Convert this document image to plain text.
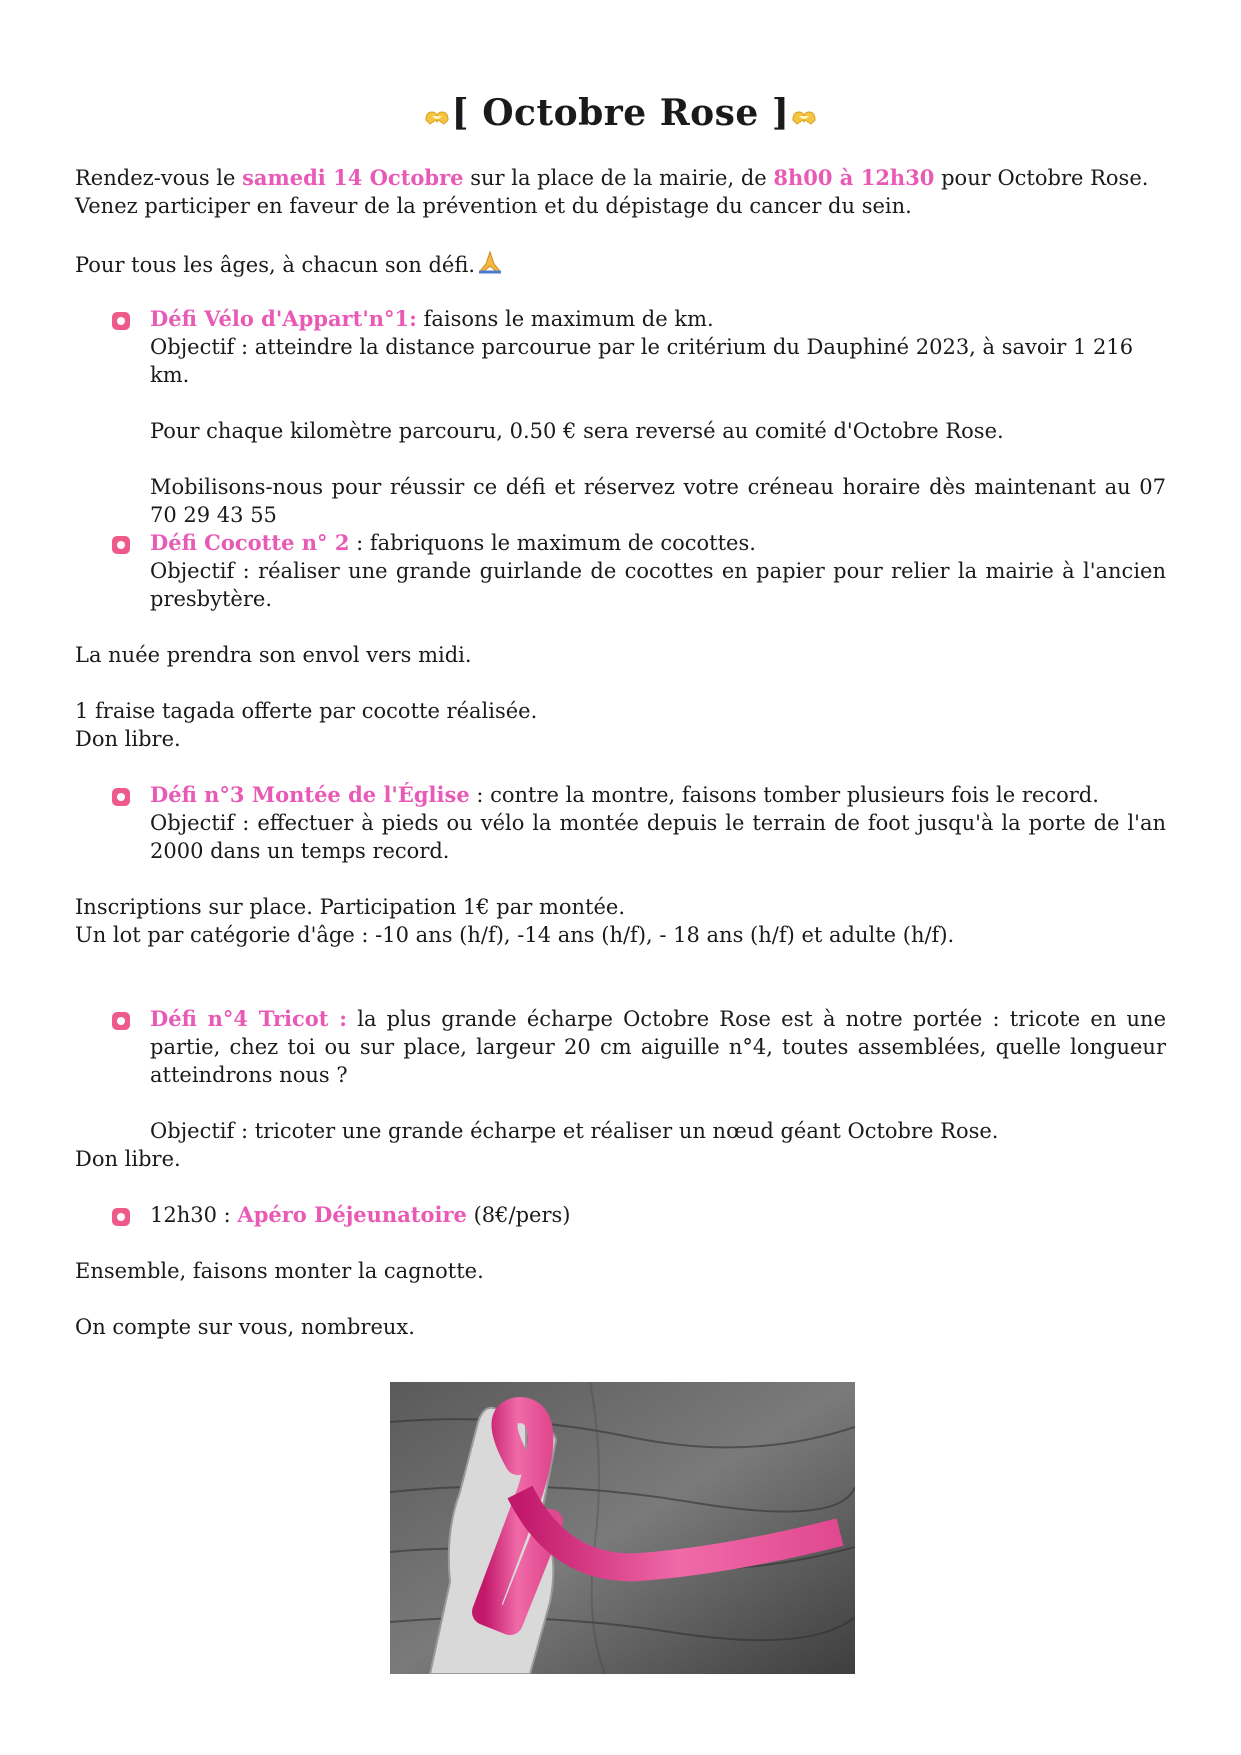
[ Octobre Rose ]
Rendez-vous le samedi 14 Octobre sur la place de la mairie, de 8h00 à 12h30 pour Octobre Rose.
Venez participer en faveur de la prévention et du dépistage du cancer du sein.
Pour tous les âges, à chacun son défi.
Défi Vélo d'Appart'n°1: faisons le maximum de km.
Objectif : atteindre la distance parcourue par le critérium du Dauphiné 2023, à savoir 1 216 km.
Pour chaque kilomètre parcouru, 0.50 € sera reversé au comité d'Octobre Rose.
Mobilisons-nous pour réussir ce défi et réservez votre créneau horaire dès maintenant au 07 70 29 43 55
Défi Cocotte n° 2 : fabriquons le maximum de cocottes.
Objectif : réaliser une grande guirlande de cocottes en papier pour relier la mairie à l'ancien presbytère.
La nuée prendra son envol vers midi.
1 fraise tagada offerte par cocotte réalisée.
Don libre.
Défi n°3 Montée de l'Église : contre la montre, faisons tomber plusieurs fois le record.
Objectif : effectuer à pieds ou vélo la montée depuis le terrain de foot jusqu'à la porte de l'an 2000 dans un temps record.
Inscriptions sur place. Participation 1€ par montée.
Un lot par catégorie d'âge : -10 ans (h/f), -14 ans (h/f), - 18 ans (h/f) et adulte (h/f).
Défi n°4 Tricot : la plus grande écharpe Octobre Rose est à notre portée : tricote en une partie, chez toi ou sur place, largeur 20 cm aiguille n°4, toutes assemblées, quelle longueur atteindrons nous ?
Objectif : tricoter une grande écharpe et réaliser un nœud géant Octobre Rose.
Don libre.
12h30 : Apéro Déjeunatoire (8€/pers)
Ensemble, faisons monter la cagnotte.
On compte sur vous, nombreux.
